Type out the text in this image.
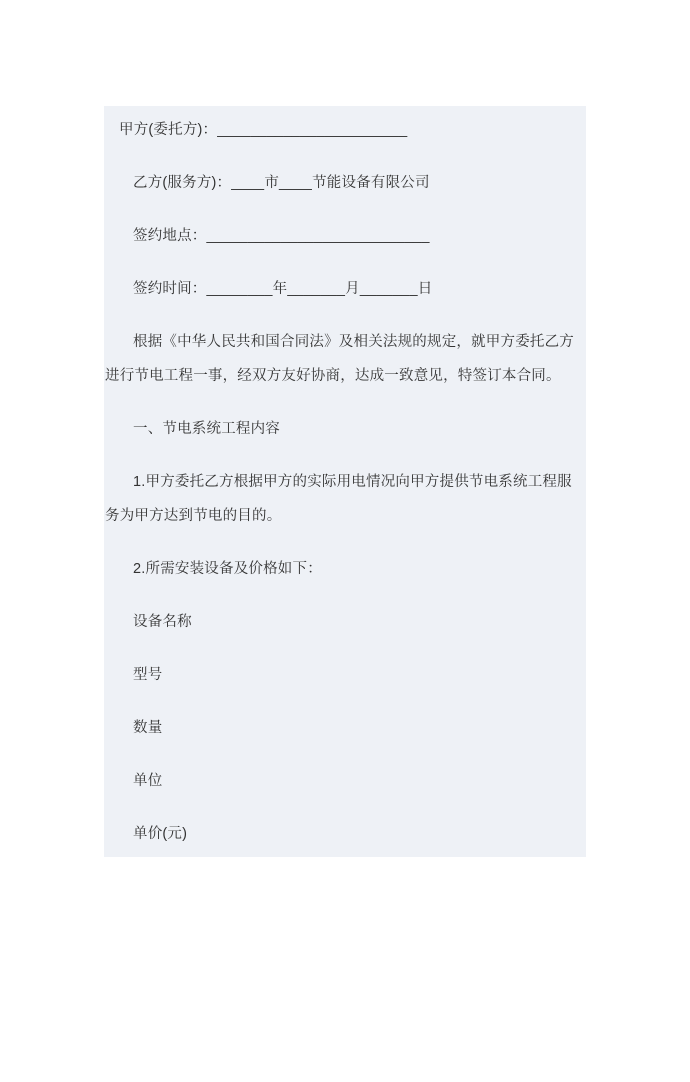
甲方(委托方)：_______________________

乙方(服务方)：____市____节能设备有限公司

签约地点：___________________________

签约时间：________年_______月_______日

根据《中华人民共和国合同法》及相关法规的规定，就甲方委托乙方进行节电工程一事，经双方友好协商，达成一致意见，特签订本合同。

一、节电系统工程内容

1.甲方委托乙方根据甲方的实际用电情况向甲方提供节电系统工程服务为甲方达到节电的目的。

2.所需安装设备及价格如下：

设备名称

型号

数量

单位

单价(元)
